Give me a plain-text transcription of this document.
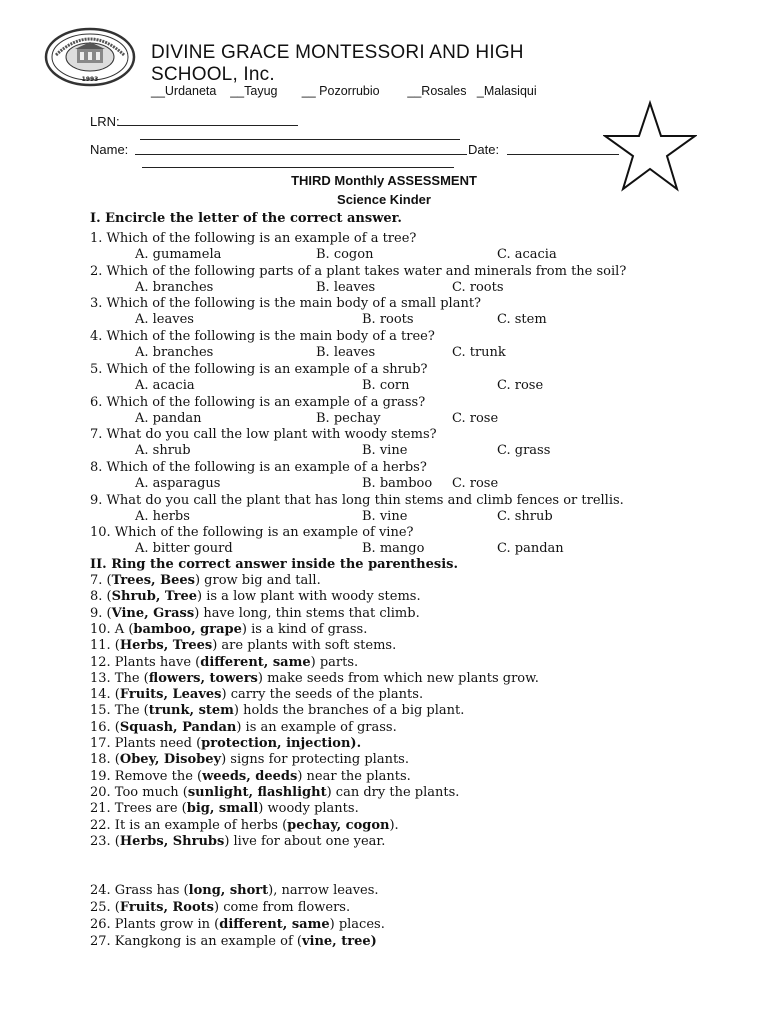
1993
DIVINE GRACE MONTESSORI AND HIGH
SCHOOL, Inc.
__Urdaneta    __Tayug       __ Pozorrubio        __Rosales   _Malasiqui
LRN:
Name:	Date:
THIRD Monthly ASSESSMENT
Science Kinder
I. Encircle the letter of the correct answer.
1. Which of the following is an example of a tree?
A. gumamela	B. cogon	C. acacia
2. Which of the following parts of a plant takes water and minerals from the soil?
A. branches	B. leaves	C. roots
3. Which of the following is the main body of a small plant?
A. leaves	B. roots	C. stem
4. Which of the following is the main body of a tree?
A. branches	B. leaves	C. trunk
5. Which of the following is an example of a shrub?
A. acacia	B. corn	C. rose
6. Which of the following is an example of a grass?
A. pandan	B. pechay	C. rose
7. What do you call the low plant with woody stems?
A. shrub	B. vine	C. grass
8. Which of the following is an example of a herbs?
A. asparagus	B. bamboo C. rose
9. What do you call the plant that has long thin stems and climb fences or trellis.
A. herbs	B. vine	C. shrub
10. Which of the following is an example of vine?
A. bitter gourd	B. mango	C. pandan
II. Ring the correct answer inside the parenthesis.
7. (Trees, Bees) grow big and tall.
8. (Shrub, Tree) is a low plant with woody stems.
9. (Vine, Grass) have long, thin stems that climb.
10. A (bamboo, grape) is a kind of grass.
11. (Herbs, Trees) are plants with soft stems.
12. Plants have (different, same) parts.
13. The (flowers, towers) make seeds from which new plants grow.
14. (Fruits, Leaves) carry the seeds of the plants.
15. The (trunk, stem) holds the branches of a big plant.
16. (Squash, Pandan) is an example of grass.
17. Plants need (protection, injection).
18. (Obey, Disobey) signs for protecting plants.
19. Remove the (weeds, deeds) near the plants.
20. Too much (sunlight, flashlight) can dry the plants.
21. Trees are (big, small) woody plants.
22. It is an example of herbs (pechay, cogon).
23. (Herbs, Shrubs) live for about one year.
24. Grass has (long, short), narrow leaves.
25. (Fruits, Roots) come from flowers.
26. Plants grow in (different, same) places.
27. Kangkong is an example of (vine, tree)
